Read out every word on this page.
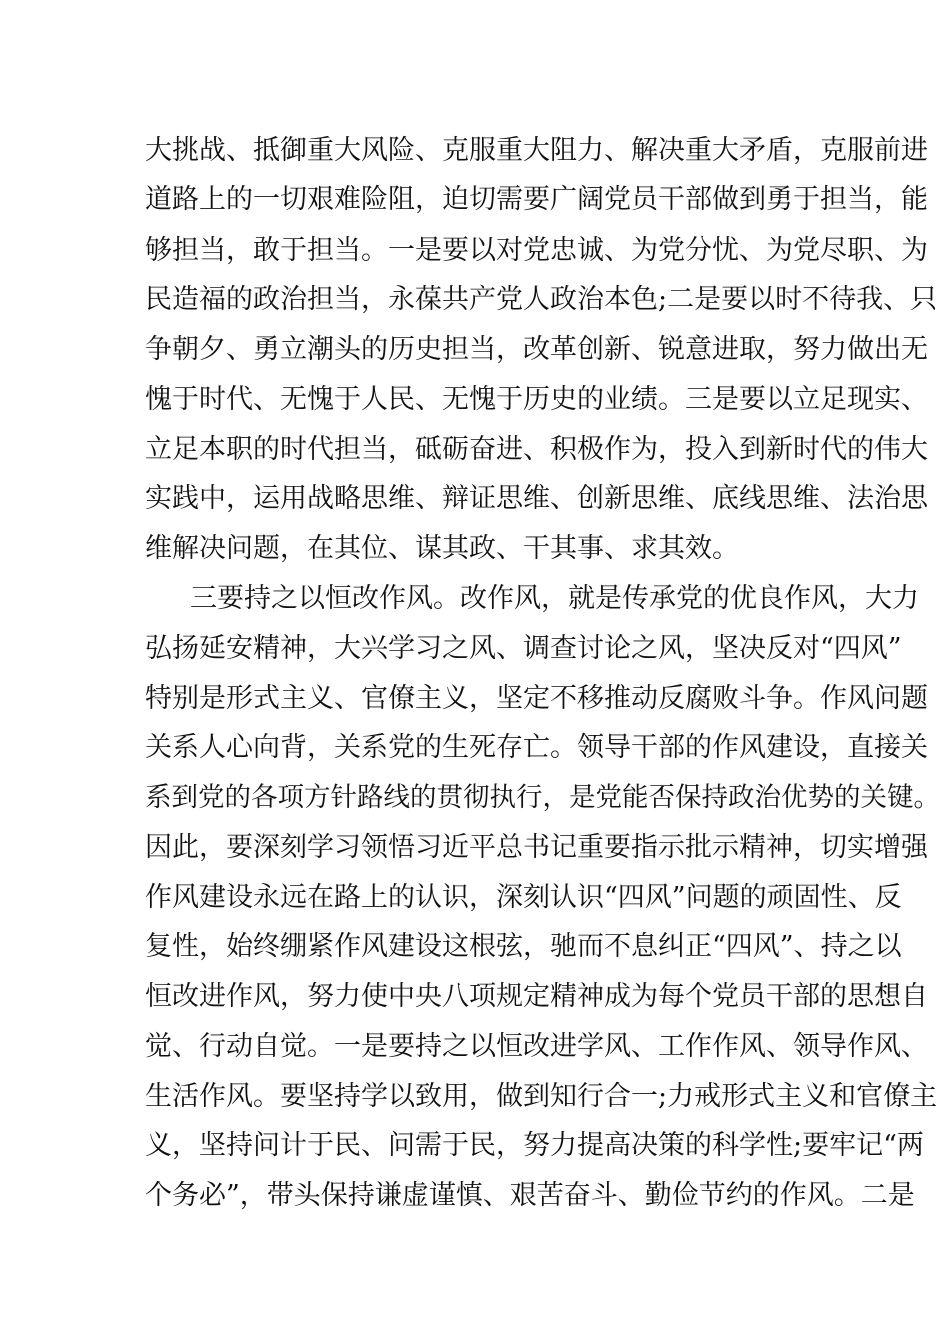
大挑战、抵御重大风险、克服重大阻力、解决重大矛盾，克服前进
道路上的一切艰难险阻，迫切需要广阔党员干部做到勇于担当，能
够担当，敢于担当。一是要以对党忠诚、为党分忧、为党尽职、为
民造福的政治担当，永葆共产党人政治本色;二是要以时不待我、只
争朝夕、勇立潮头的历史担当，改革创新、锐意进取，努力做出无
愧于时代、无愧于人民、无愧于历史的业绩。三是要以立足现实、
立足本职的时代担当，砥砺奋进、积极作为，投入到新时代的伟大
实践中，运用战略思维、辩证思维、创新思维、底线思维、法治思
维解决问题，在其位、谋其政、干其事、求其效。
三要持之以恒改作风。改作风，就是传承党的优良作风，大力
弘扬延安精神，大兴学习之风、调查讨论之风，坚决反对“四风”
特别是形式主义、官僚主义，坚定不移推动反腐败斗争。作风问题
关系人心向背，关系党的生死存亡。领导干部的作风建设，直接关
系到党的各项方针路线的贯彻执行，是党能否保持政治优势的关键。
因此，要深刻学习领悟习近平总书记重要指示批示精神，切实增强
作风建设永远在路上的认识，深刻认识“四风”问题的顽固性、反
复性，始终绷紧作风建设这根弦，驰而不息纠正“四风”、持之以
恒改进作风，努力使中央八项规定精神成为每个党员干部的思想自
觉、行动自觉。一是要持之以恒改进学风、工作作风、领导作风、
生活作风。要坚持学以致用，做到知行合一;力戒形式主义和官僚主
义，坚持问计于民、问需于民，努力提高决策的科学性;要牢记“两
个务必”，带头保持谦虚谨慎、艰苦奋斗、勤俭节约的作风。二是
